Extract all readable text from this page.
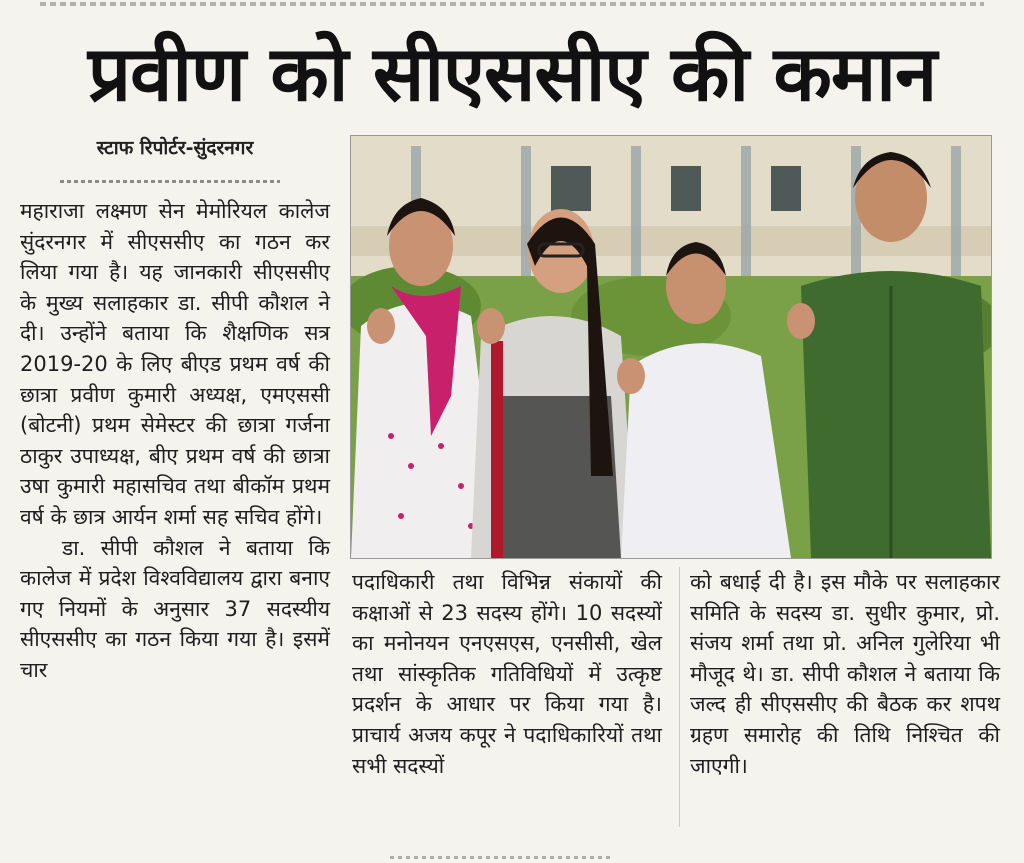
प्रवीण को सीएससीए की कमान
स्टाफ रिपोर्टर-सुंदरनगर

महाराजा लक्ष्मण सेन मेमोरियल कालेज सुंदरनगर में सीएससीए का गठन कर लिया गया है। यह जानकारी सीएससीए के मुख्य सलाहकार डा. सीपी कौशल ने दी। उन्होंने बताया कि शैक्षणिक सत्र 2019-20 के लिए बीएड प्रथम वर्ष की छात्रा प्रवीण कुमारी अध्यक्ष, एमएससी (बोटनी) प्रथम सेमेस्टर की छात्रा गर्जना ठाकुर उपाध्यक्ष, बीए प्रथम वर्ष की छात्रा उषा कुमारी महासचिव तथा बीकॉम प्रथम वर्ष के छात्र आर्यन शर्मा सह सचिव होंगे।

डा. सीपी कौशल ने बताया कि कालेज में प्रदेश विश्वविद्यालय द्वारा बनाए गए नियमों के अनुसार 37 सदस्यीय सीएससीए का गठन किया गया है। इसमें चार

पदाधिकारी तथा विभिन्न संकायों की कक्षाओं से 23 सदस्य होंगे। 10 सदस्यों का मनोनयन एनएसएस, एनसीसी, खेल तथा सांस्कृतिक गतिविधियों में उत्कृष्ट प्रदर्शन के आधार पर किया गया है। प्राचार्य अजय कपूर ने पदाधिकारियों तथा सभी सदस्यों

को बधाई दी है। इस मौके पर सलाहकार समिति के सदस्य डा. सुधीर कुमार, प्रो. संजय शर्मा तथा प्रो. अनिल गुलेरिया भी मौजूद थे। डा. सीपी कौशल ने बताया कि जल्द ही सीएससीए की बैठक कर शपथ ग्रहण समारोह की तिथि निश्चित की जाएगी।
